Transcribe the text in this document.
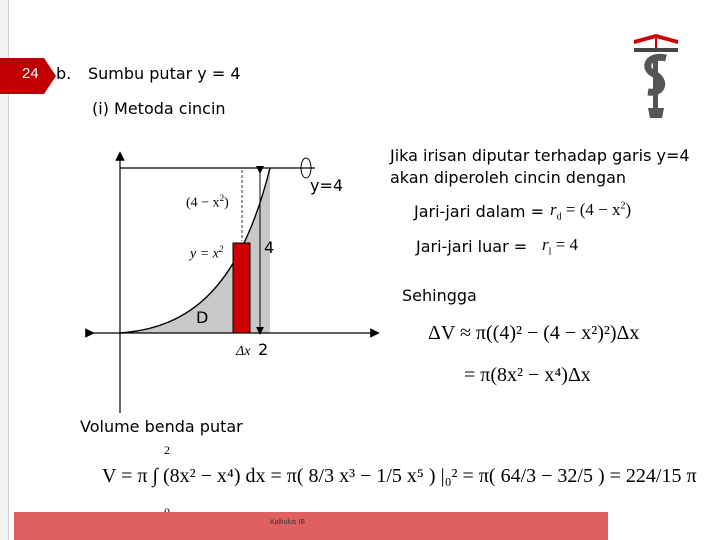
24 b. Sumbu putar y = 4
(i) Metoda cincin
y=4
4
D
2
$(4 - x^2)$
$y = x^2$
Δx
Jika irisan diputar terhadap garis y=4
akan diperoleh cincin dengan
Jari-jari dalam = $r_d = (4 - x^2)$
Jari-jari luar = $r_l = 4$
Sehingga
ΔV ≈ π((4)² − (4 − x²)²)Δx
= π(8x² − x⁴)Δx
Volume benda putar
2
V = π ∫ (8x² − x⁴) dx = π( 8/3 x³ − 1/5 x⁵ ) |₀² = π( 64/3 − 32/5 ) = 224/15 π
Kalkulus IB
